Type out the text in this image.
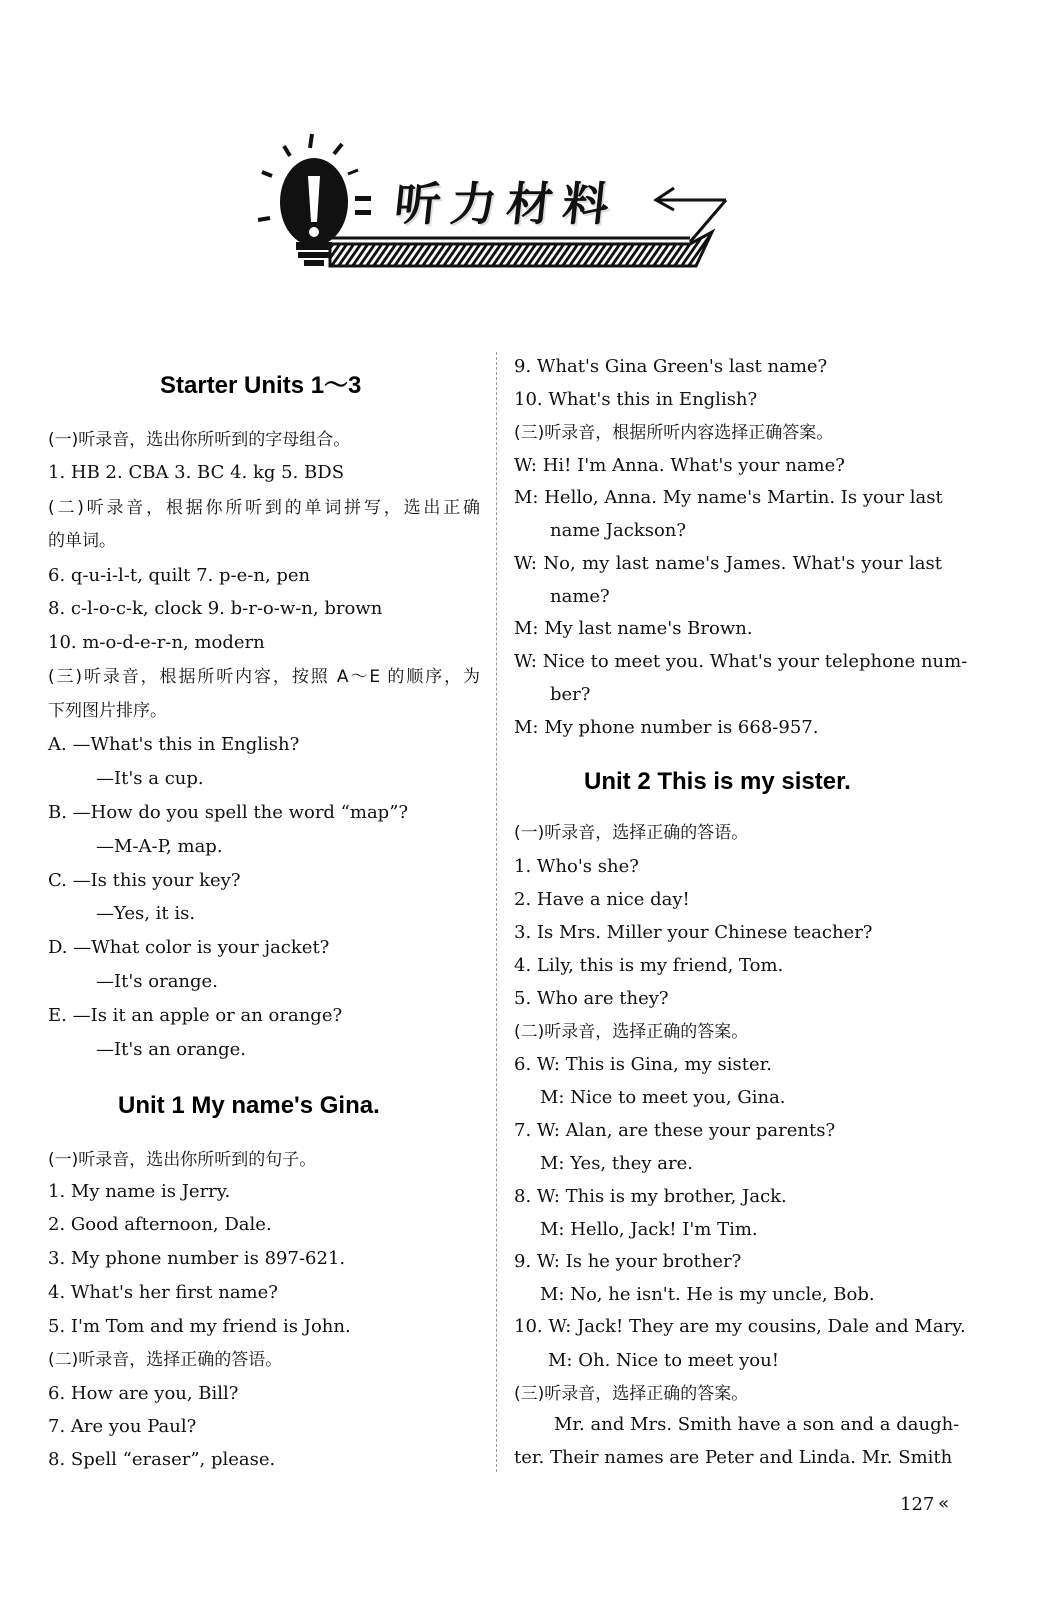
听力材料
Starter Units 1～3
(一)听录音，选出你所听到的字母组合。
1. HB 2. CBA 3. BC 4. kg 5. BDS
(二)听录音，根据你所听到的单词拼写，选出正确
的单词。
6. q-u-i-l-t, quilt 7. p-e-n, pen
8. c-l-o-c-k, clock 9. b-r-o-w-n, brown
10. m-o-d-e-r-n, modern
(三)听录音，根据所听内容，按照 A～E 的顺序，为
下列图片排序。
A. —What's this in English?
—It's a cup.
B. —How do you spell the word “map”?
—M-A-P, map.
C. —Is this your key?
—Yes, it is.
D. —What color is your jacket?
—It's orange.
E. —Is it an apple or an orange?
—It's an orange.
Unit 1 My name's Gina.
(一)听录音，选出你所听到的句子。
1. My name is Jerry.
2. Good afternoon, Dale.
3. My phone number is 897-621.
4. What's her first name?
5. I'm Tom and my friend is John.
(二)听录音，选择正确的答语。
6. How are you, Bill?
7. Are you Paul?
8. Spell “eraser”, please.
9. What's Gina Green's last name?
10. What's this in English?
(三)听录音，根据所听内容选择正确答案。
W: Hi! I'm Anna. What's your name?
M: Hello, Anna. My name's Martin. Is your last
name Jackson?
W: No, my last name's James. What's your last
name?
M: My last name's Brown.
W: Nice to meet you. What's your telephone num-
ber?
M: My phone number is 668-957.
Unit 2 This is my sister.
(一)听录音，选择正确的答语。
1. Who's she?
2. Have a nice day!
3. Is Mrs. Miller your Chinese teacher?
4. Lily, this is my friend, Tom.
5. Who are they?
(二)听录音，选择正确的答案。
6. W: This is Gina, my sister.
M: Nice to meet you, Gina.
7. W: Alan, are these your parents?
M: Yes, they are.
8. W: This is my brother, Jack.
M: Hello, Jack! I'm Tim.
9. W: Is he your brother?
M: No, he isn't. He is my uncle, Bob.
10. W: Jack! They are my cousins, Dale and Mary.
M: Oh. Nice to meet you!
(三)听录音，选择正确的答案。
Mr. and Mrs. Smith have a son and a daugh-
ter. Their names are Peter and Linda. Mr. Smith
127 «
